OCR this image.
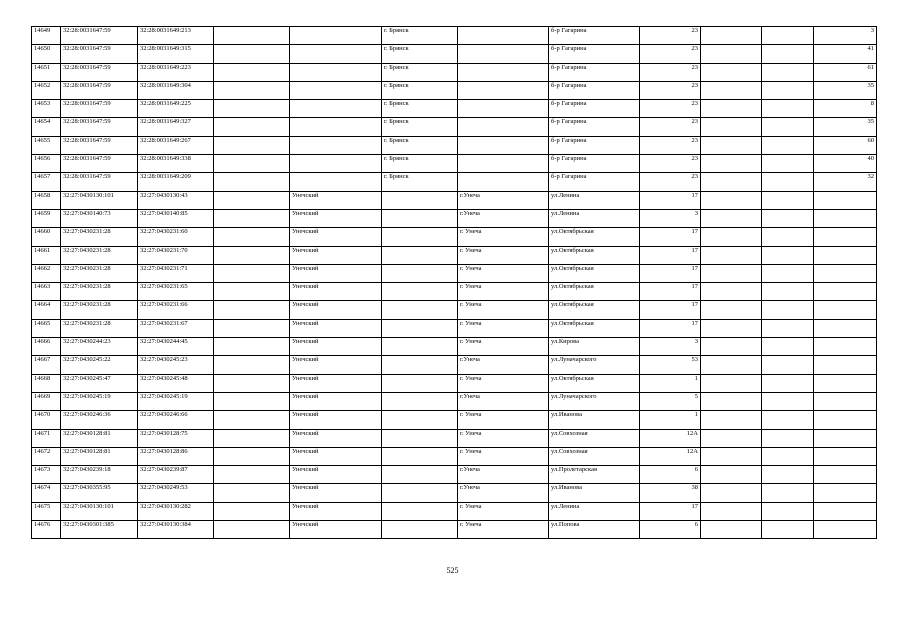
14649	32:28:0031647:59	32:28:0031649:213			г. Брянск		б-р Гагарина	23			3
14650	32:28:0031647:59	32:28:0031649:315			г. Брянск		б-р Гагарина	23			41
14651	32:28:0031647:59	32:28:0031649:223			г. Брянск		б-р Гагарина	23			61
14652	32:28:0031647:59	32:28:0031649:304			г. Брянск		б-р Гагарина	23			35
14653	32:28:0031647:59	32:28:0031649:225			г. Брянск		б-р Гагарина	23			8
14654	32:28:0031647:59	32:28:0031649:327			г. Брянск		б-р Гагарина	23			35
14655	32:28:0031647:59	32:28:0031649:267			г. Брянск		б-р Гагарина	23			60
14656	32:28:0031647:59	32:28:0031649:338			г. Брянск		б-р Гагарина	23			40
14657	32:28:0031647:59	32:28:0031649:209			г. Брянск		б-р Гагарина	23			32
14658	32:27:0430130:101	32:27:0430130:43		Унечский		г.Унеча	ул.Ленина	17			
14659	32:27:0430140:73	32:27:0430140:85		Унечский		г.Унеча	ул.Ленина	3			
14660	32:27:0430231:28	32:27:0430231:60		Унечский		г. Унеча	ул.Октябрьская	17			
14661	32:27:0430231:28	32:27:0430231:70		Унечский		г. Унеча	ул.Октябрьская	17			
14662	32:27:0430231:28	32:27:0430231:71		Унечский		г. Унеча	ул.Октябрьская	17			
14663	32:27:0430231:28	32:27:0430231:65		Унечский		г. Унеча	ул.Октябрьская	17			
14664	32:27:0430231:28	32:27:0430231:66		Унечский		г. Унеча	ул.Октябрьская	17			
14665	32:27:0430231:28	32:27:0430231:67		Унечский		г. Унеча	ул.Октябрьская	17			
14666	32:27:0430244:23	32:27:0430244:45		Унечский		г. Унеча	ул.Кирова	3			
14667	32:27:0430245:22	32:27:0430245:23		Унечский		г.Унеча	ул.Луначарского	53			
14668	32:27:0430245:47	32:27:0430245:48		Унечский		г. Унеча	ул.Октябрьская	1			
14669	32:27:0430245:19	32:27:0430245:19		Унечский		г.Унеча	ул.Луначарского	5			
14670	32:27:0430246:36	32:27:0430246:66		Унечский		г. Унеча	ул.Иванова	1			
14671	32:27:0430128:81	32:27:0430128:75		Унечский		г. Унеча	ул.Совхозная	12А			
14672	32:27:0430128:81	32:27:0430128:86		Унечский		г. Унеча	ул.Совхозная	12А			
14673	32:27:0430239:18	32:27:0430239:87		Унечский		г.Унеча	ул.Пролетарская	6			
14674	32:27:0430355:95	32:27:0430249:53		Унечский		г.Унеча	ул.Иванова	38			
14675	32:27:0430130:101	32:27:0430130:282		Унечский		г. Унеча	ул.Ленина	17			
14676	32:27:0430301:385	32:27:0430130:384		Унечский		г. Унеча	ул.Попова	6			
525
